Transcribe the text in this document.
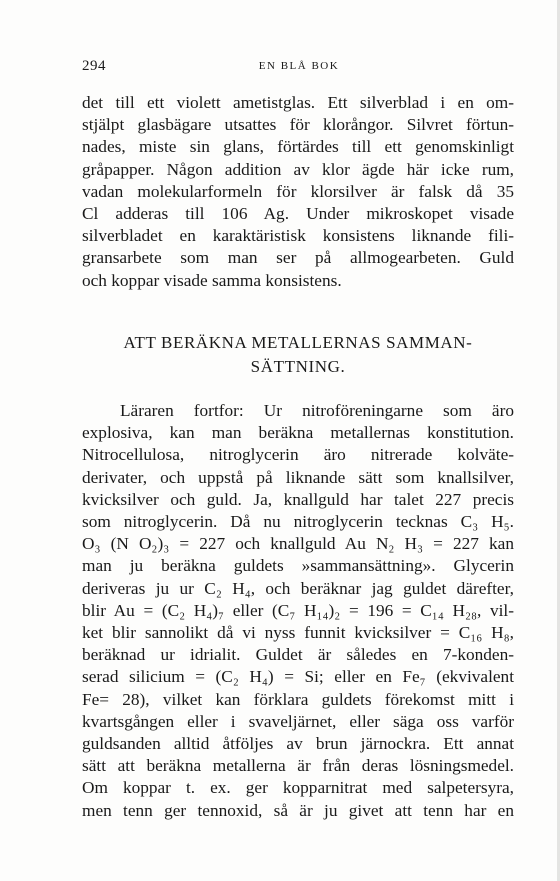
294	EN BLÅ BOK
det till ett violett ametistglas. Ett silverblad i en om-
stjälpt glasbägare utsattes för klorångor. Silvret förtun-
nades, miste sin glans, förtärdes till ett genomskinligt
gråpapper. Någon addition av klor ägde här icke rum,
vadan molekularformeln för klorsilver är falsk då 35
Cl adderas till 106 Ag. Under mikroskopet visade
silverbladet en karaktäristisk konsistens liknande fili-
gransarbete som man ser på allmogearbeten. Guld
och koppar visade samma konsistens.
ATT BERÄKNA METALLERNAS SAMMAN-
SÄTTNING.
Läraren fortfor: Ur nitroföreningarne som äro
explosiva, kan man beräkna metallernas konstitution.
Nitrocellulosa, nitroglycerin äro nitrerade kolväte-
derivater, och uppstå på liknande sätt som knallsilver,
kvicksilver och guld. Ja, knallguld har talet 227 precis
som nitroglycerin. Då nu nitroglycerin tecknas C₃ H₅.
O₃ (N O₂)₃ = 227 och knallguld Au N₂ H₃ = 227 kan
man ju beräkna guldets »sammansättning». Glycerin
deriveras ju ur C₂ H₄, och beräknar jag guldet därefter,
blir Au = (C₂ H₄)₇ eller (C₇ H₁₄)₂ = 196 = C₁₄ H₂₈, vil-
ket blir sannolikt då vi nyss funnit kvicksilver = C₁₆ H₈,
beräknad ur idrialit. Guldet är således en 7-konden-
serad silicium = (C₂ H₄) = Si; eller en Fe₇ (ekvivalent
Fe= 28), vilket kan förklara guldets förekomst mitt i
kvartsgången eller i svaveljärnet, eller säga oss varför
guldsanden alltid åtföljes av brun järnockra. Ett annat
sätt att beräkna metallerna är från deras lösningsmedel.
Om koppar t. ex. ger kopparnitrat med salpetersyra,
men tenn ger tennoxid, så är ju givet att tenn har en
